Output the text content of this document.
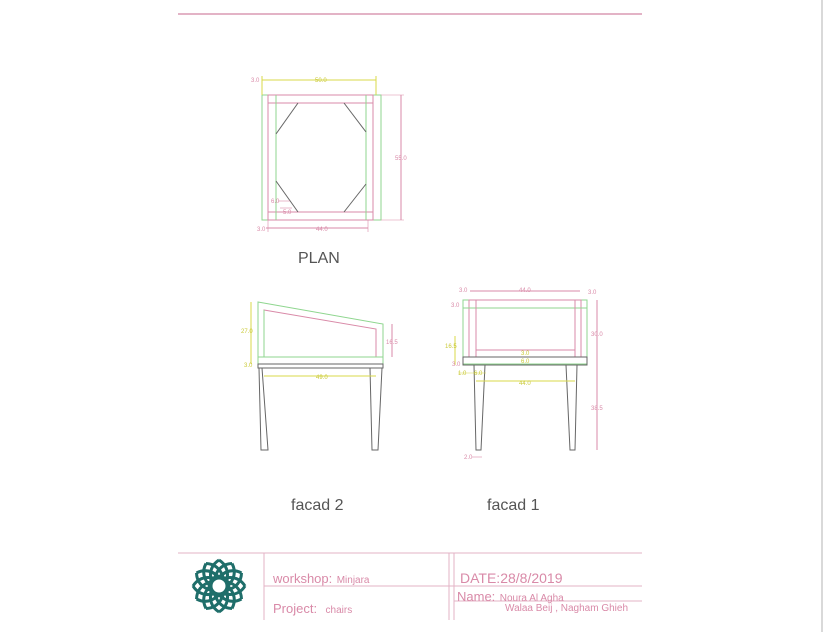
3.0	50.0
55.0
3.0	44.0
6.0
5.0
27.0
16.5
3.0
49.0
3.0	44.0	3.0
3.0
30.0
16.5
3.0
6.0
3.0
1.0 6.0
44.0
38.5
2.0
PLAN
facad 2	facad 1
workshop: Minjara
Project: chairs
DATE:28/8/2019
Name: Noura Al Agha
Walaa Beij , Nagham Ghieh
